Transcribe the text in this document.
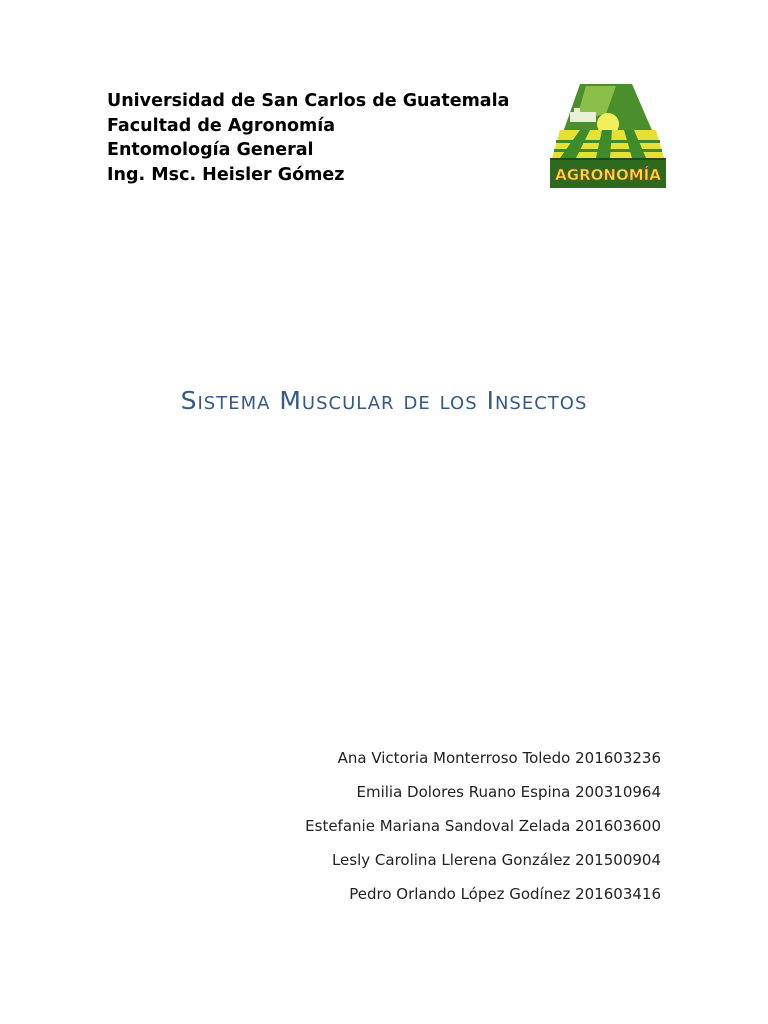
Universidad de San Carlos de Guatemala
Facultad de Agronomía
Entomología General
Ing. Msc. Heisler Gómez	AGRONOMÍA
Sistema Muscular de los Insectos
Ana Victoria Monterroso Toledo 201603236
Emilia Dolores Ruano Espina 200310964
Estefanie Mariana Sandoval Zelada 201603600
Lesly Carolina Llerena González 201500904
Pedro Orlando López Godínez 201603416
